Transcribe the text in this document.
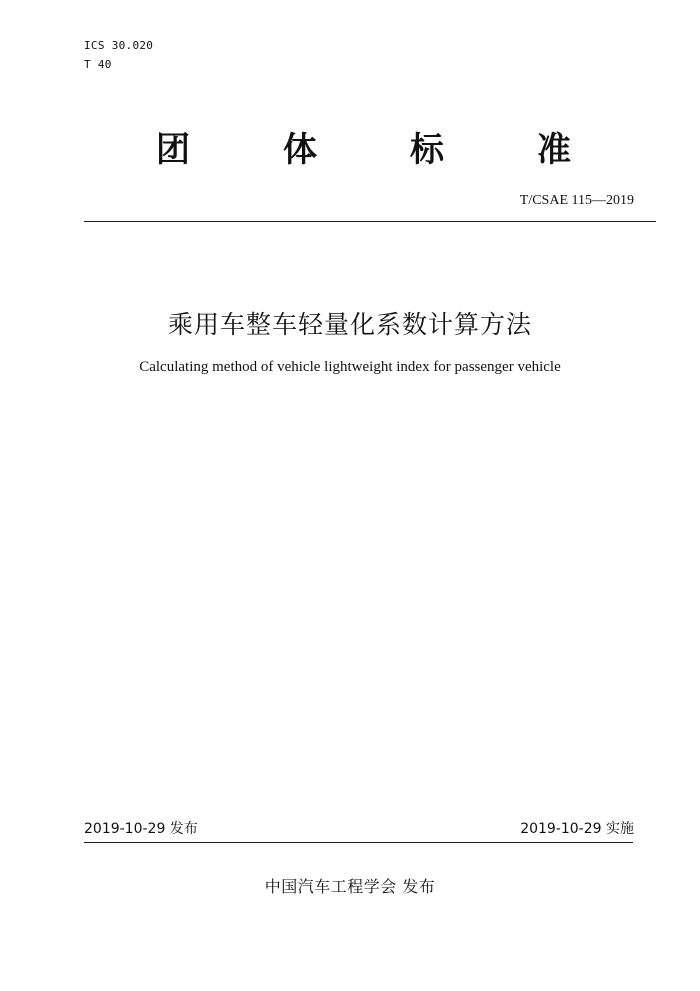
ICS 30.020
T 40
团	体	标	准
T/CSAE 115—2019
乘用车整车轻量化系数计算方法
Calculating method of vehicle lightweight index for passenger vehicle
2019-10-29 发布	2019-10-29 实施
中国汽车工程学会 发布
